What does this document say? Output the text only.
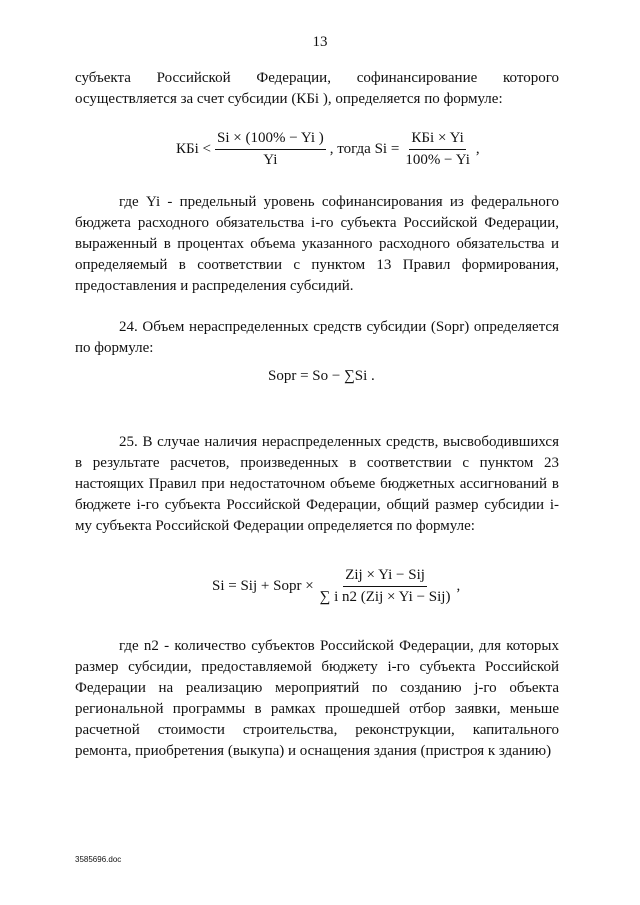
13

субъекта Российской Федерации, софинансирование которого осуществляется за счет субсидии (КБi ), определяется по формуле:

КБi < $\frac{Si \times (100\% - Yi )}{Yi}$ , тогда $Si = \frac{\text{КБi × Yi}}{100\% - Yi}$ ,

где Yi - предельный уровень софинансирования из федерального бюджета расходного обязательства i-го субъекта Российской Федерации, выраженный в процентах объема указанного расходного обязательства и определяемый в соответствии с пунктом 13 Правил формирования, предоставления и распределения субсидий.

24. Объем нераспределенных средств субсидии (Sopr) определяется по формуле:

Sopr = So − ∑Si .

25. В случае наличия нераспределенных средств, высвободившихся в результате расчетов, произведенных в соответствии с пунктом 23 настоящих Правил при недостаточном объеме бюджетных ассигнований в бюджете i-го субъекта Российской Федерации, общий размер субсидии i-му субъекта Российской Федерации определяется по формуле:

Si = Sij + Sopr × $\frac{\text{Zij × Yi − Sij}}{\text{∑ i n2 (Zij × Yi − Sij)}}$ ,

где n2 - количество субъектов Российской Федерации, для которых размер субсидии, предоставляемой бюджету i-го субъекта Российской Федерации на реализацию мероприятий по созданию j-го объекта региональной программы в рамках прошедшей отбор заявки, меньше расчетной стоимости строительства, реконструкции, капитального ремонта, приобретения (выкупа) и оснащения здания (пристроя к зданию)

3585696.doc
